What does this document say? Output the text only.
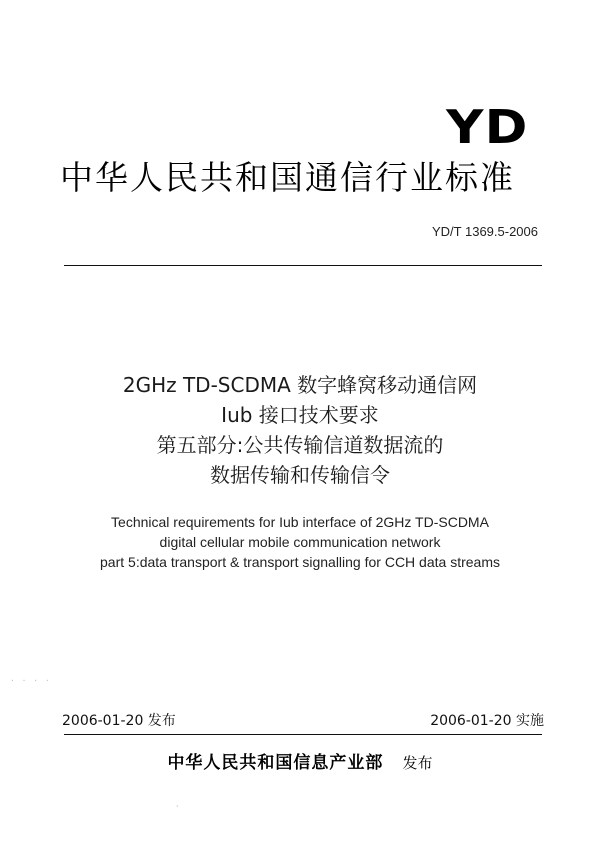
YD
中华人民共和国通信行业标准
YD/T 1369.5-2006
2GHz TD-SCDMA 数字蜂窝移动通信网
Iub 接口技术要求
第五部分:公共传输信道数据流的
数据传输和传输信令
Technical requirements for Iub interface of 2GHz TD-SCDMA
digital cellular mobile communication network
part 5:data transport & transport signalling for CCH data streams
· · · ·
2006-01-20 发布	2006-01-20 实施
中华人民共和国信息产业部 发布
·
